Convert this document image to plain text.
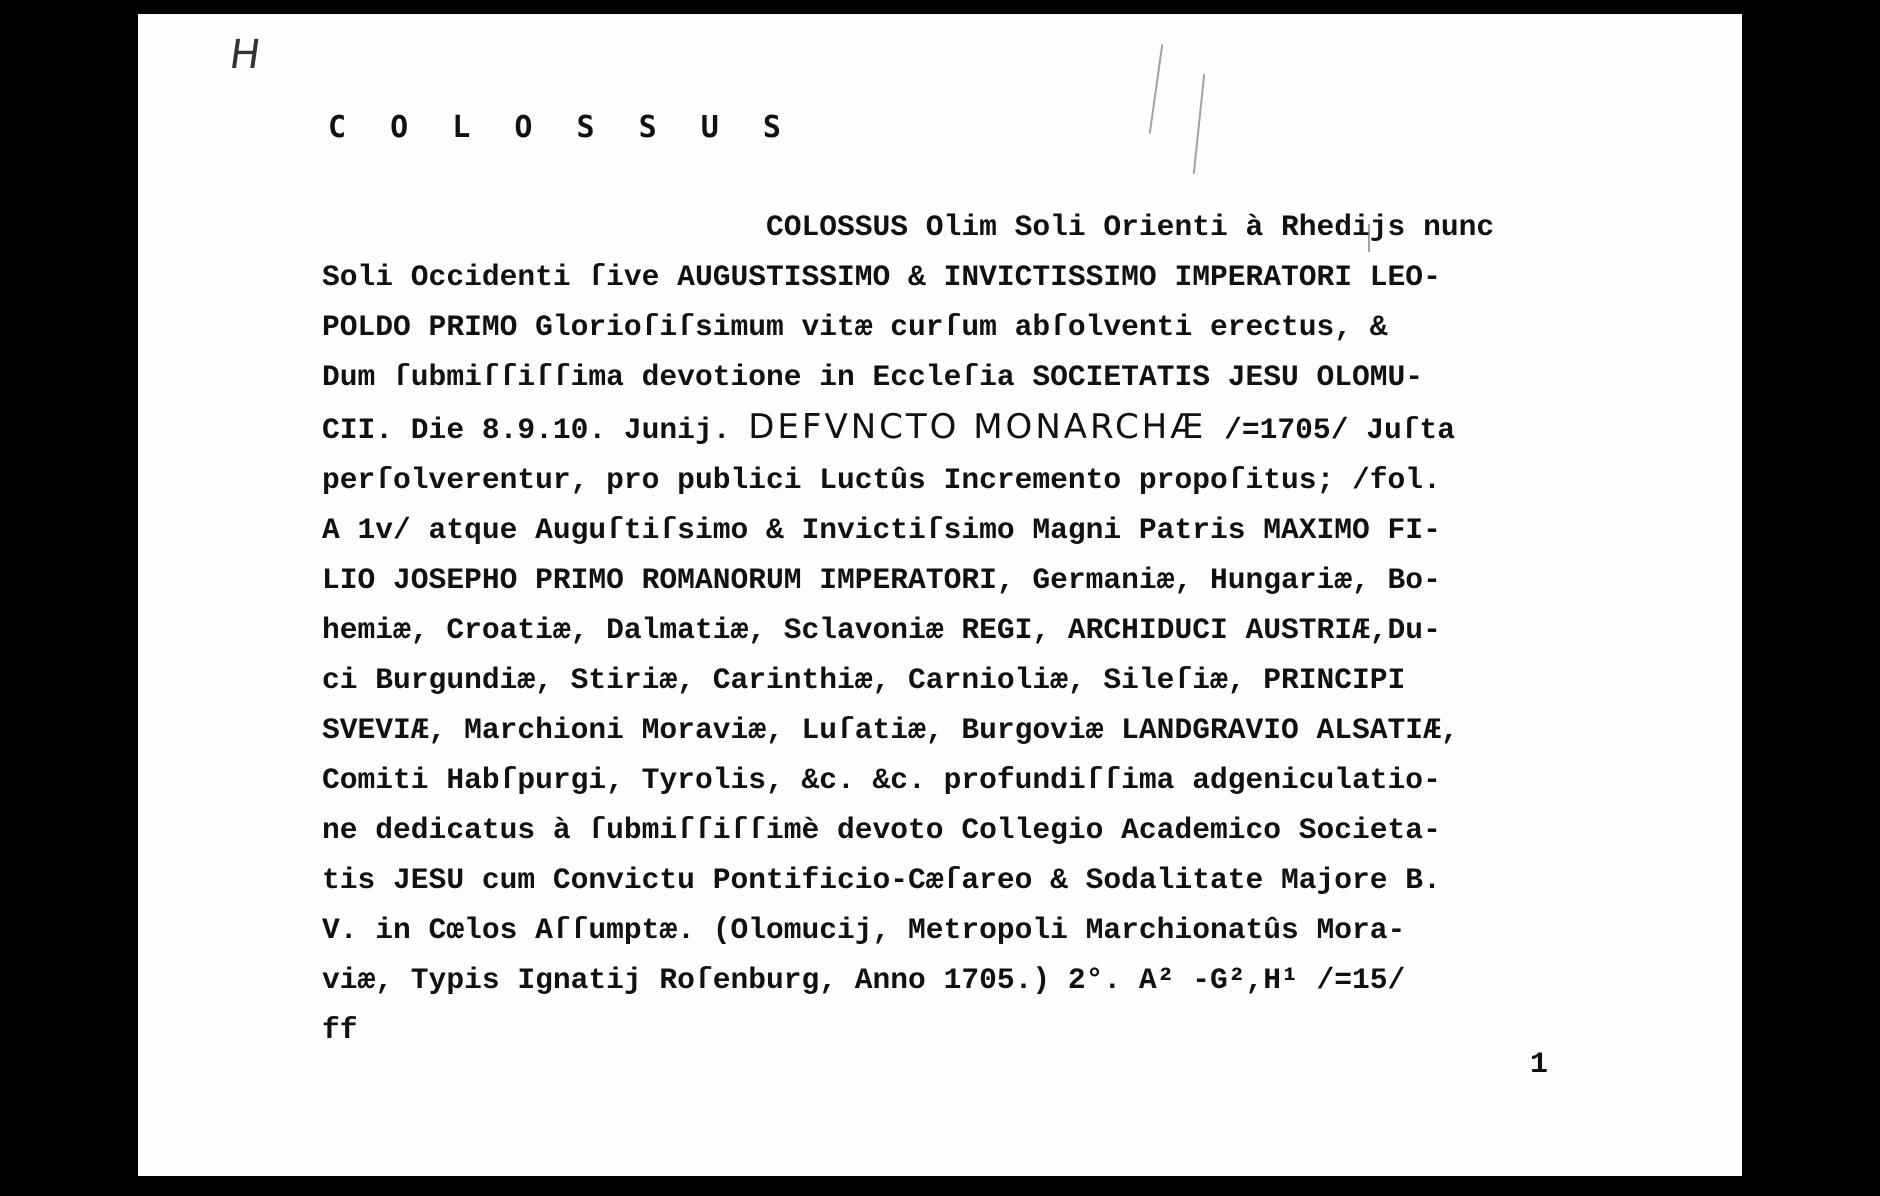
H
C O L O S S U S
COLOSSUS Olim Soli Orienti à Rhedijs nunc
Soli Occidenti ſive AUGUSTISSIMO & INVICTISSIMO IMPERATORI LEO-
POLDO PRIMO Glorioſiſsimum vitæ curſum abſolventi erectus, &
Dum ſubmiſſiſſima devotione in Eccleſia SOCIETATIS JESU OLOMU-
CII. Die 8.9.10. Junij. DEFVNCTO MONARCHÆ /=1705/ Juſta
perſolverentur, pro publici Luctûs Incremento propoſitus; /fol.
A 1v/ atque Auguſtiſsimo & Invictiſsimo Magni Patris MAXIMO FI-
LIO JOSEPHO PRIMO ROMANORUM IMPERATORI, Germaniæ, Hungariæ, Bo-
hemiæ, Croatiæ, Dalmatiæ, Sclavoniæ REGI, ARCHIDUCI AUSTRIÆ,Du-
ci Burgundiæ, Stiriæ, Carinthiæ, Carnioliæ, Sileſiæ, PRINCIPI
SVEVIÆ, Marchioni Moraviæ, Luſatiæ, Burgoviæ LANDGRAVIO ALSATIÆ,
Comiti Habſpurgi, Tyrolis, &c. &c. profundiſſima adgeniculatio-
ne dedicatus à ſubmiſſiſſimè devoto Collegio Academico Societa-
tis JESU cum Convictu Pontificio-Cæſareo & Sodalitate Majore B.
V. in Cœlos Aſſumptæ. (Olomucij, Metropoli Marchionatûs Mora-
viæ, Typis Ignatij Roſenburg, Anno 1705.) 2°. A² -G²,H¹ /=15/
ff
1
